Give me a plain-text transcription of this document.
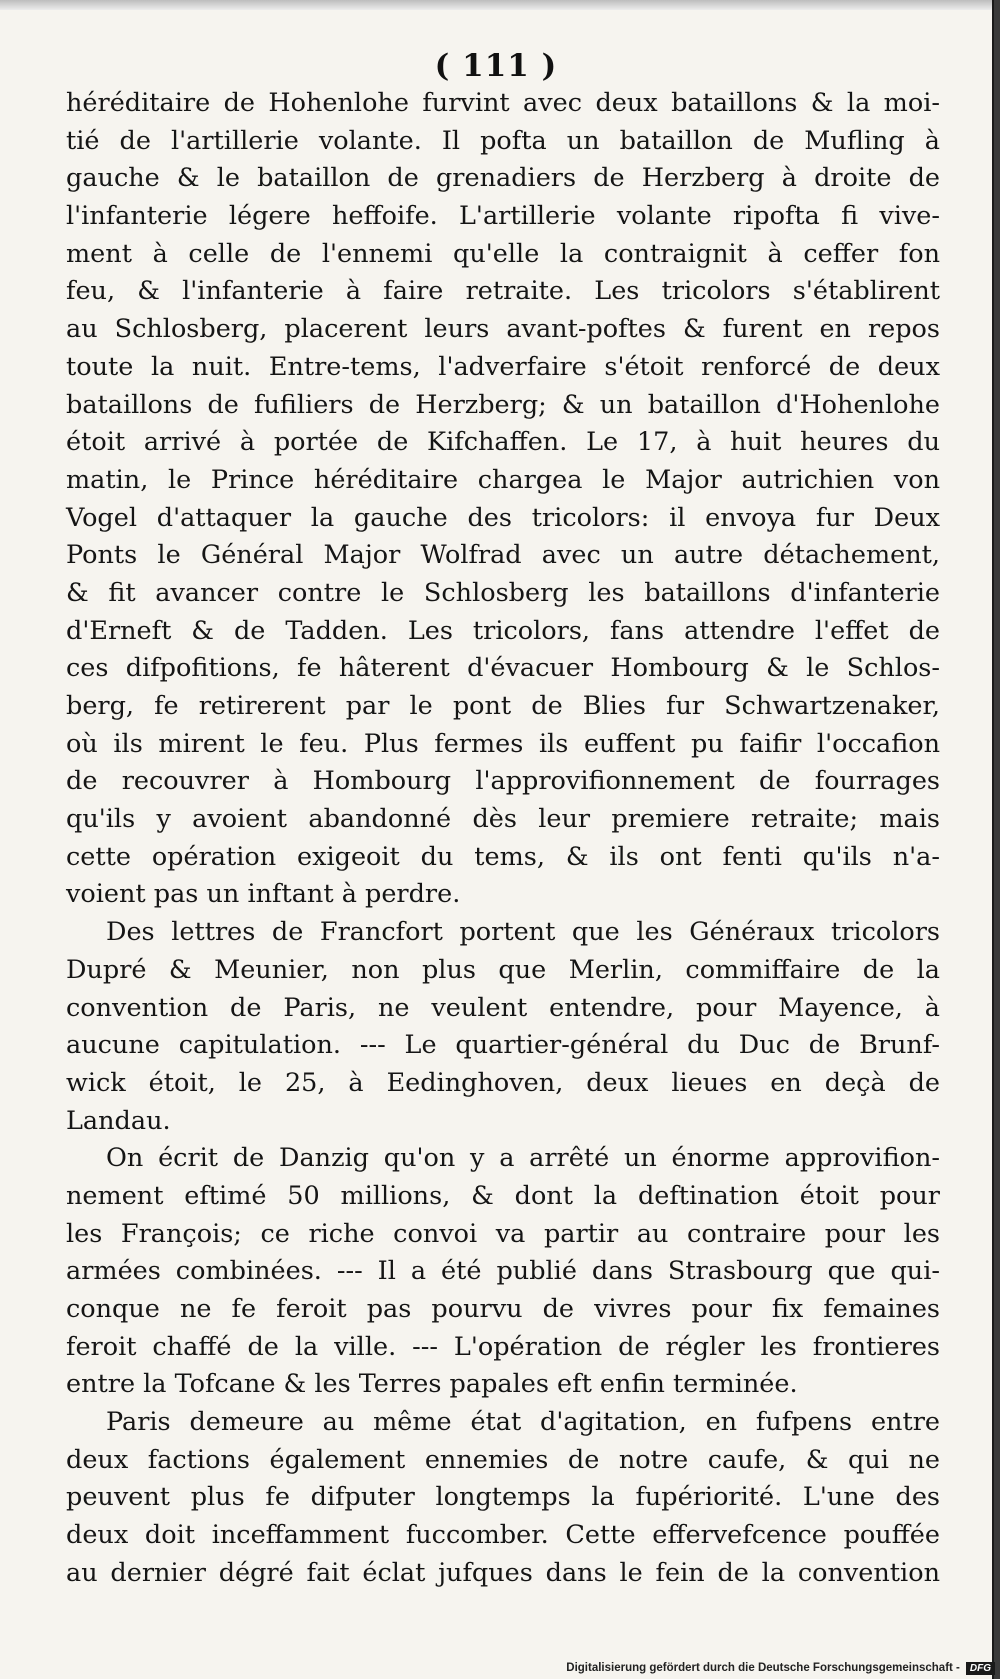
( 111 )
héréditaire de Hohenlohe furvint avec deux bataillons & la moi-
tié de l'artillerie volante. Il pofta un bataillon de Mufling à
gauche & le bataillon de grenadiers de Herzberg à droite de
l'infanterie légere heffoife. L'artillerie volante ripofta fi vive-
ment à celle de l'ennemi qu'elle la contraignit à ceffer fon
feu, & l'infanterie à faire retraite. Les tricolors s'établirent
au Schlosberg, placerent leurs avant-poftes & furent en repos
toute la nuit. Entre-tems, l'adverfaire s'étoit renforcé de deux
bataillons de fufiliers de Herzberg; & un bataillon d'Hohenlohe
étoit arrivé à portée de Kifchaffen. Le 17, à huit heures du
matin, le Prince héréditaire chargea le Major autrichien von
Vogel d'attaquer la gauche des tricolors: il envoya fur Deux
Ponts le Général Major Wolfrad avec un autre détachement,
& fit avancer contre le Schlosberg les bataillons d'infanterie
d'Erneft & de Tadden. Les tricolors, fans attendre l'effet de
ces difpofitions, fe hâterent d'évacuer Hombourg & le Schlos-
berg, fe retirerent par le pont de Blies fur Schwartzenaker,
où ils mirent le feu. Plus fermes ils euffent pu faifir l'occafion
de recouvrer à Hombourg l'approvifionnement de fourrages
qu'ils y avoient abandonné dès leur premiere retraite; mais
cette opération exigeoit du tems, & ils ont fenti qu'ils n'a-
voient pas un inftant à perdre.
Des lettres de Francfort portent que les Généraux tricolors
Dupré & Meunier, non plus que Merlin, commiffaire de la
convention de Paris, ne veulent entendre, pour Mayence, à
aucune capitulation. --- Le quartier-général du Duc de Brunf-
wick étoit, le 25, à Eedinghoven, deux lieues en deçà de
Landau.
On écrit de Danzig qu'on y a arrêté un énorme approvifion-
nement eftimé 50 millions, & dont la deftination étoit pour
les François; ce riche convoi va partir au contraire pour les
armées combinées. --- Il a été publié dans Strasbourg que qui-
conque ne fe feroit pas pourvu de vivres pour fix femaines
feroit chaffé de la ville. --- L'opération de régler les frontieres
entre la Tofcane & les Terres papales eft enfin terminée.
Paris demeure au même état d'agitation, en fufpens entre
deux factions également ennemies de notre caufe, & qui ne
peuvent plus fe difputer longtemps la fupériorité. L'une des
deux doit inceffamment fuccomber. Cette effervefcence pouffée
au dernier dégré fait éclat jufques dans le fein de la convention
Digitalisierung gefördert durch die Deutsche Forschungsgemeinschaft - DFG
